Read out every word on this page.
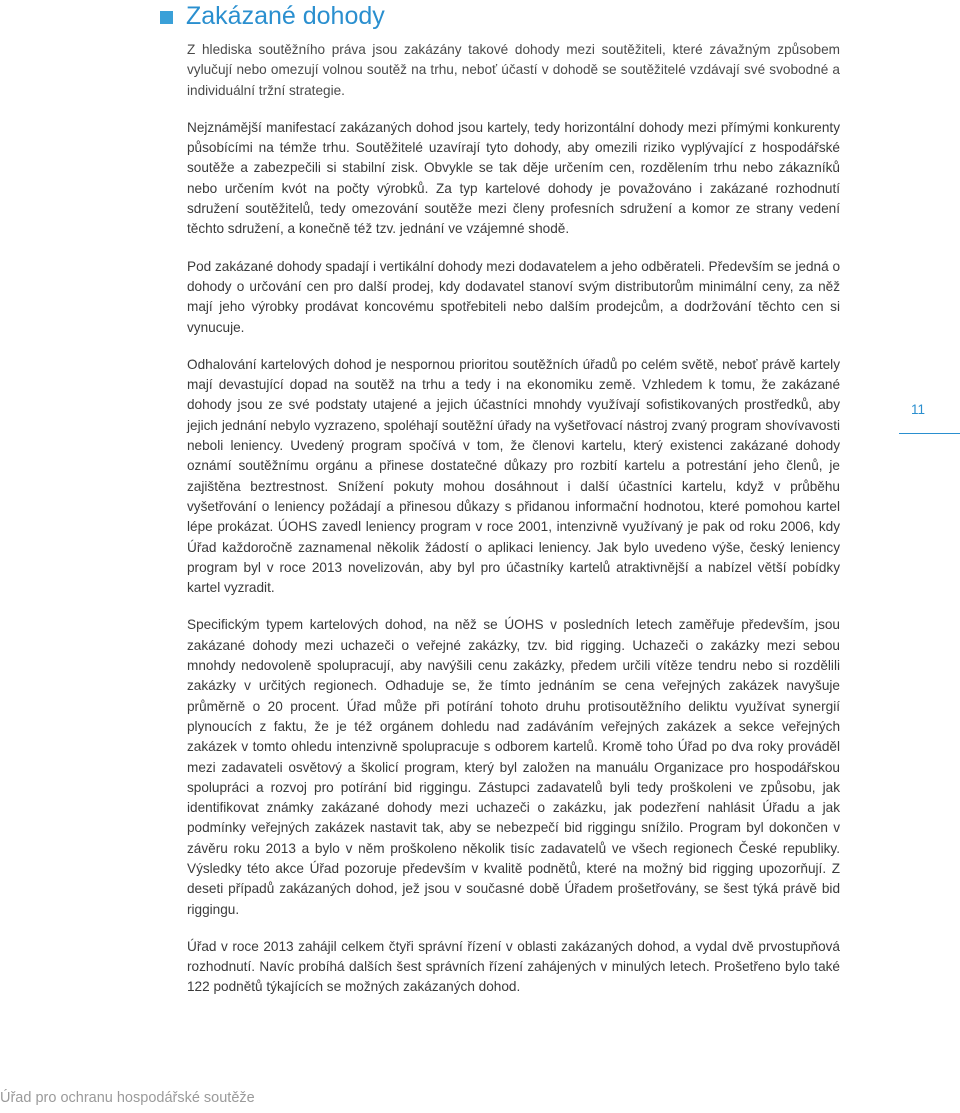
Zakázané dohody

Z hlediska soutěžního práva jsou zakázány takové dohody mezi soutěžiteli, které závažným způsobem vylučují nebo omezují volnou soutěž na trhu, neboť účastí v dohodě se soutěžitelé vzdávají své svobodné a individuální tržní strategie.

Nejznámější manifestací zakázaných dohod jsou kartely, tedy horizontální dohody mezi přímými konkurenty působícími na témže trhu. Soutěžitelé uzavírají tyto dohody, aby omezili riziko vyplývající z hospodářské soutěže a zabezpečili si stabilní zisk. Obvykle se tak děje určením cen, rozdělením trhu nebo zákazníků nebo určením kvót na počty výrobků. Za typ kartelové dohody je považováno i zakázané rozhodnutí sdružení soutěžitelů, tedy omezování soutěže mezi členy profesních sdružení a komor ze strany vedení těchto sdružení, a konečně též tzv. jednání ve vzájemné shodě.

Pod zakázané dohody spadají i vertikální dohody mezi dodavatelem a jeho odběrateli. Především se jedná o dohody o určování cen pro další prodej, kdy dodavatel stanoví svým distributorům minimální ceny, za něž mají jeho výrobky prodávat koncovému spotřebiteli nebo dalším prodejcům, a dodržování těchto cen si vynucuje.

Odhalování kartelových dohod je nespornou prioritou soutěžních úřadů po celém světě, neboť právě kartely mají devastující dopad na soutěž na trhu a tedy i na ekonomiku země. Vzhledem k tomu, že zakázané dohody jsou ze své podstaty utajené a jejich účastníci mnohdy využívají sofistikovaných prostředků, aby jejich jednání nebylo vyzrazeno, spoléhají soutěžní úřady na vyšetřovací nástroj zvaný program shovívavosti neboli leniency. Uvedený program spočívá v tom, že členovi kartelu, který existenci zakázané dohody oznámí soutěžnímu orgánu a přinese dostatečné důkazy pro rozbití kartelu a potrestání jeho členů, je zajištěna beztrestnost. Snížení pokuty mohou dosáhnout i další účastníci kartelu, když v průběhu vyšetřování o leniency požádají a přinesou důkazy s přidanou informační hodnotou, které pomohou kartel lépe prokázat. ÚOHS zavedl leniency program v roce 2001, intenzivně využívaný je pak od roku 2006, kdy Úřad každoročně zaznamenal několik žádostí o aplikaci leniency. Jak bylo uvedeno výše, český leniency program byl v roce 2013 novelizován, aby byl pro účastníky kartelů atraktivnější a nabízel větší pobídky kartel vyzradit.

Specifickým typem kartelových dohod, na něž se ÚOHS v posledních letech zaměřuje především, jsou zakázané dohody mezi uchazeči o veřejné zakázky, tzv. bid rigging. Uchazeči o zakázky mezi sebou mnohdy nedovoleně spolupracují, aby navýšili cenu zakázky, předem určili vítěze tendru nebo si rozdělili zakázky v určitých regionech. Odhaduje se, že tímto jednáním se cena veřejných zakázek navyšuje průměrně o 20 procent. Úřad může při potírání tohoto druhu protisoutěžního deliktu využívat synergií plynoucích z faktu, že je též orgánem dohledu nad zadáváním veřejných zakázek a sekce veřejných zakázek v tomto ohledu intenzivně spolupracuje s odborem kartelů. Kromě toho Úřad po dva roky prováděl mezi zadavateli osvětový a školicí program, který byl založen na manuálu Organizace pro hospodářskou spolupráci a rozvoj pro potírání bid riggingu. Zástupci zadavatelů byli tedy proškoleni ve způsobu, jak identifikovat známky zakázané dohody mezi uchazeči o zakázku, jak podezření nahlásit Úřadu a jak podmínky veřejných zakázek nastavit tak, aby se nebezpečí bid riggingu snížilo. Program byl dokončen v závěru roku 2013 a bylo v něm proškoleno několik tisíc zadavatelů ve všech regionech České republiky. Výsledky této akce Úřad pozoruje především v kvalitě podnětů, které na možný bid rigging upozorňují. Z deseti případů zakázaných dohod, jež jsou v současné době Úřadem prošetřovány, se šest týká právě bid riggingu.

Úřad v roce 2013 zahájil celkem čtyři správní řízení v oblasti zakázaných dohod, a vydal dvě prvostupňová rozhodnutí. Navíc probíhá dalších šest správních řízení zahájených v minulých letech. Prošetřeno bylo také 122 podnětů týkajících se možných zakázaných dohod.

11
Úřad pro ochranu hospodářské soutěže
